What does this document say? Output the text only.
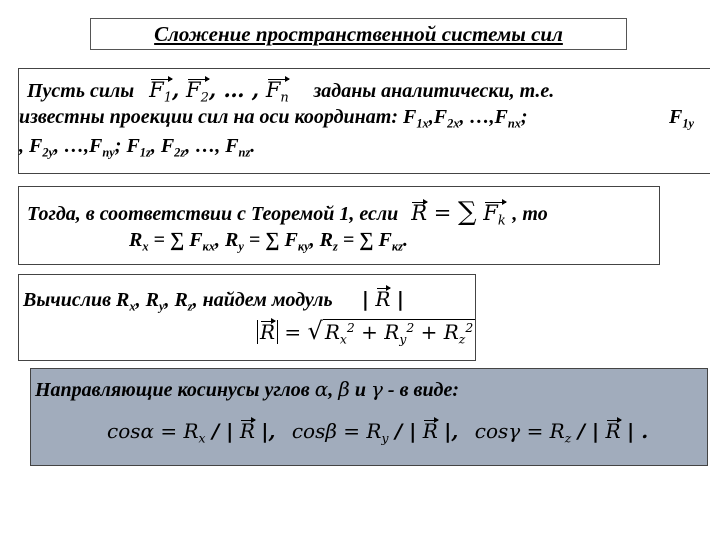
Сложение пространственной системы сил
Пусть силы $F_1$, $F_2$, … , $F_n$ заданы аналитически, т.е.
известны проекции сил на оси координат: $F_{1x},F_{2x}$, $\dots,F_{nx}$;	$F_{1y}$
, $F_{2y}$, $\dots,F_{ny}$; $F_{1z}$, $F_{2z}$, …, $F_{nz}$.
Тогда, в соответствии с Теоремой 1, если R = ∑ $F_k$ , то
$R_x$ = ∑ $F_{кx}$, $R_y$ = ∑ $F_{кy}$, $R_z$ = ∑ $F_{кz}$.
Вычислив $R_x$, $R_y$, $R_z$, найдем модуль | R |
R = √ $R_x^2 + R_y^2 + R_z^2$
Направляющие косинусы углов α, β и γ - в виде:
$\cos\alpha = R_x$ / | R |, $\cos\beta = R_y$ / | R |, $\cos\gamma = R_z$ / | R | .
